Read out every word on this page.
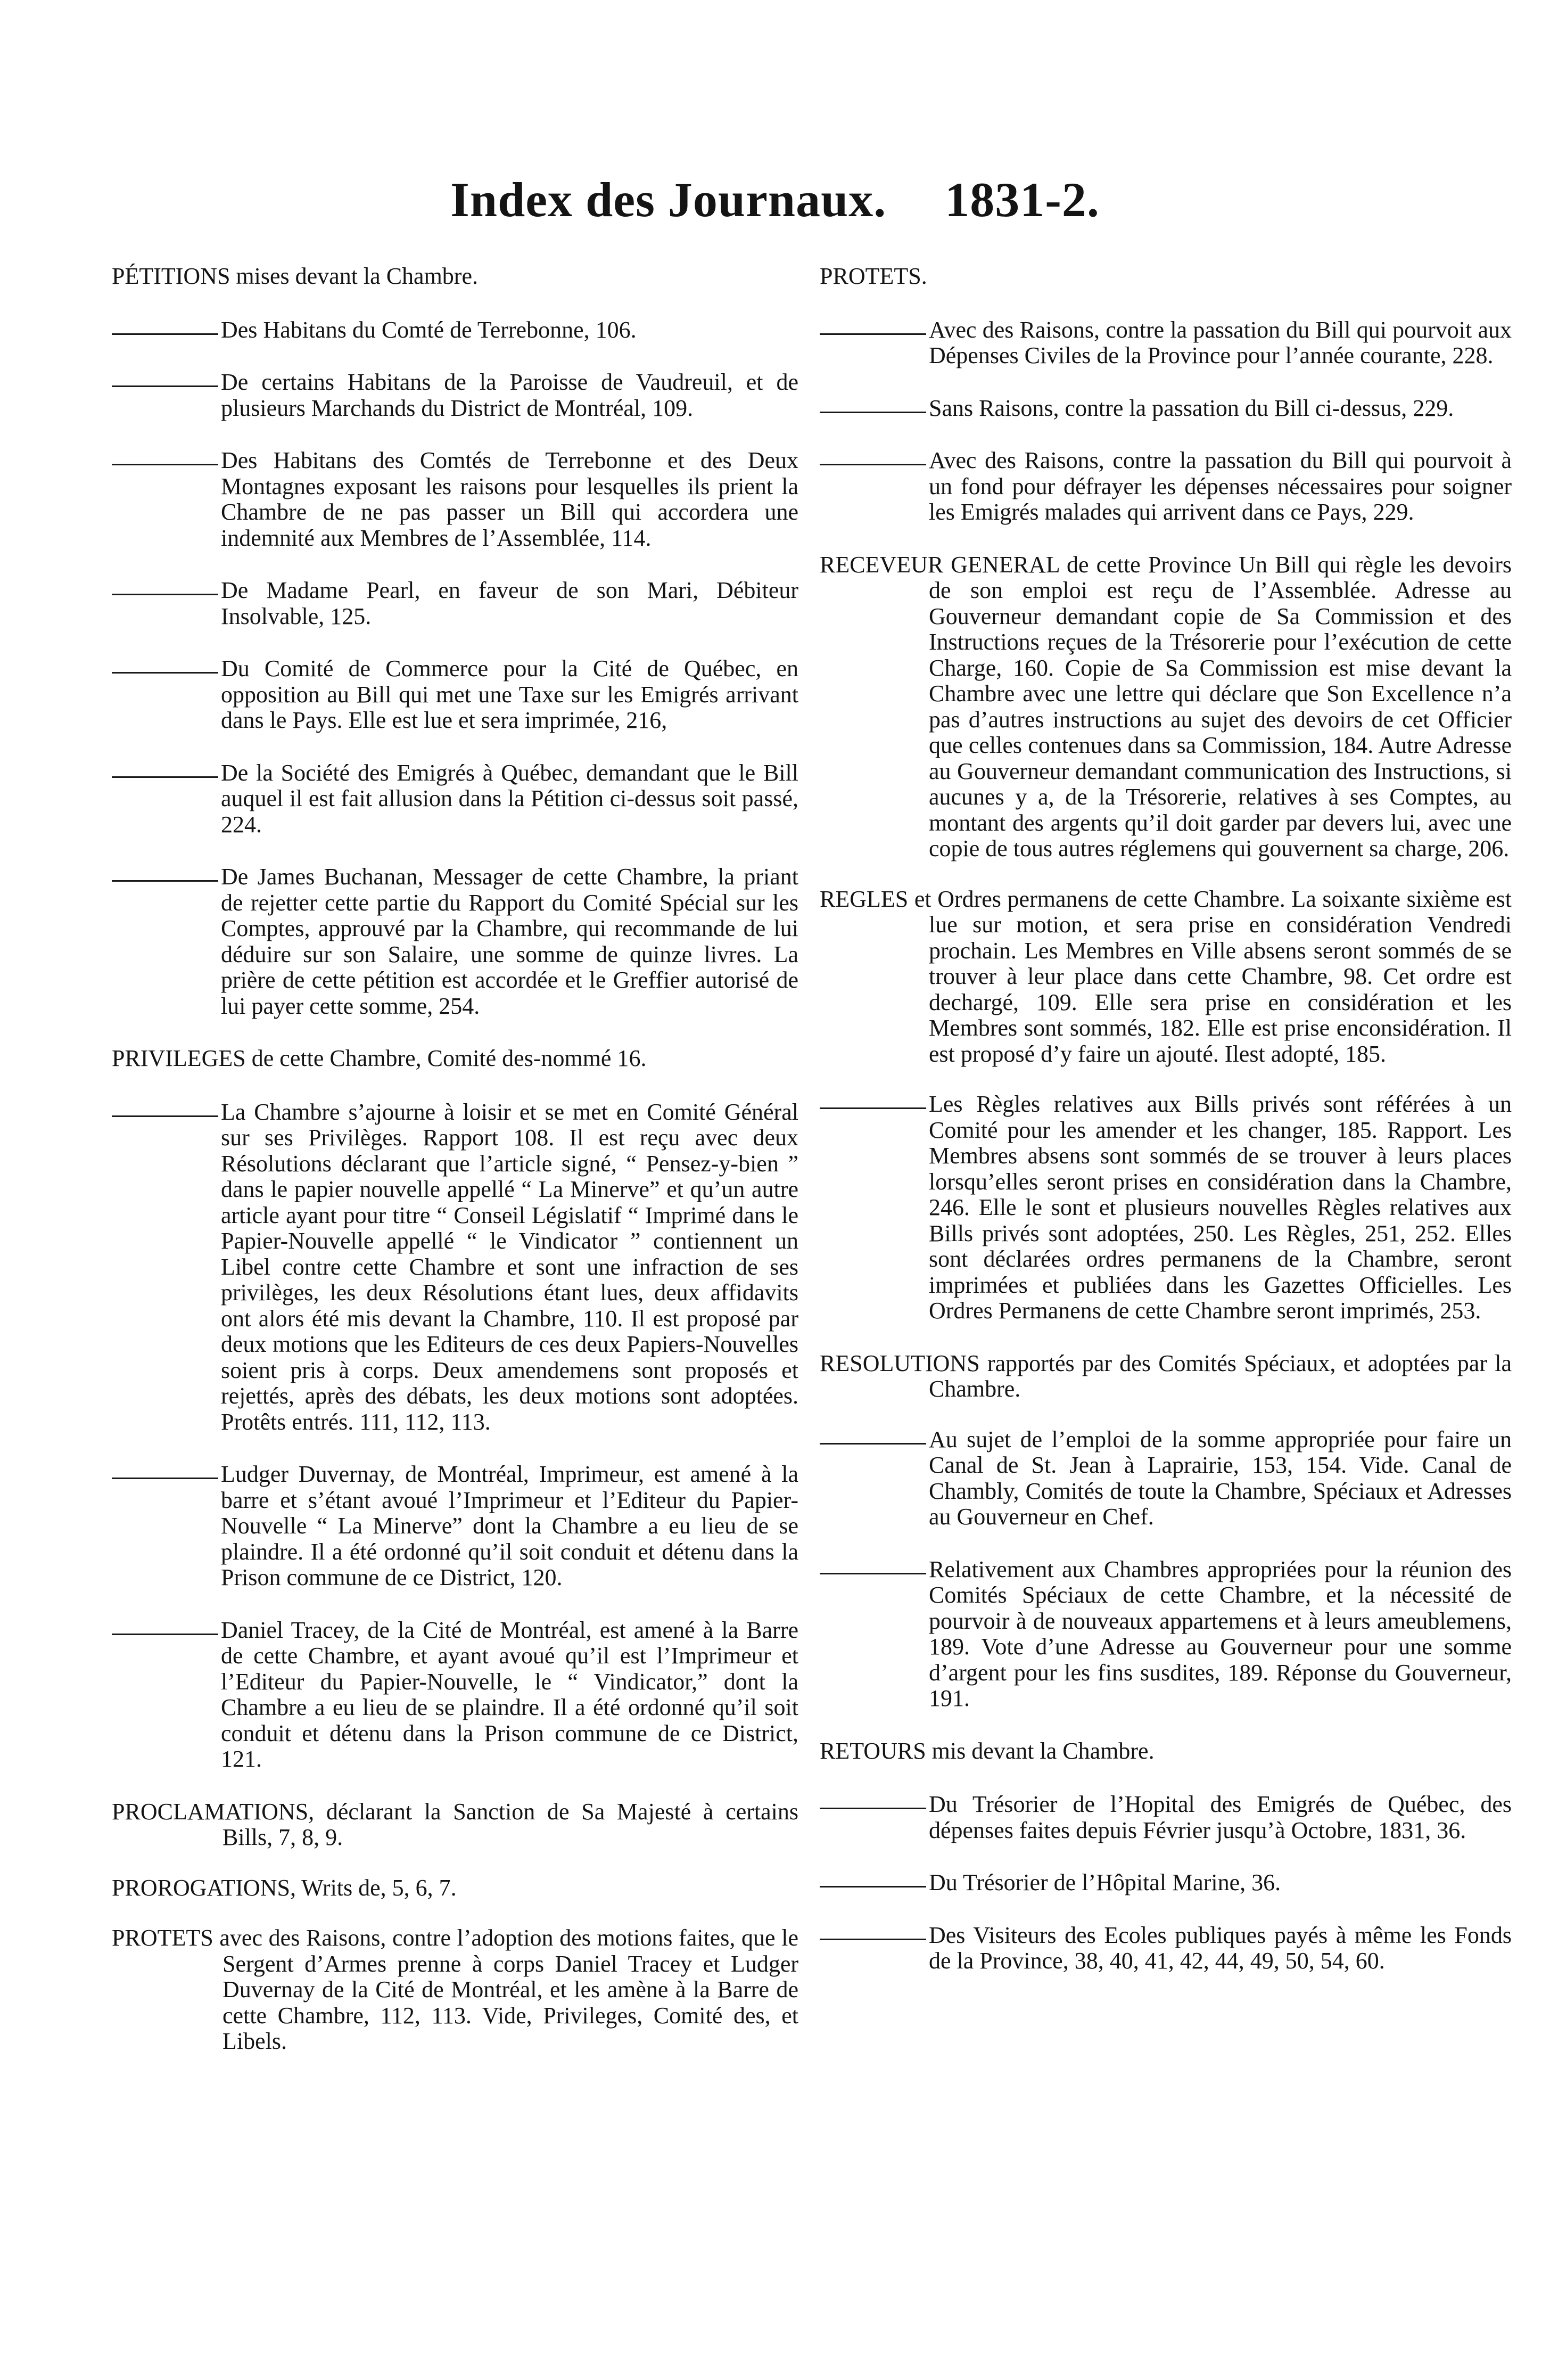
Index des Journaux. 1831-2.
PÉTITIONS mises devant la Chambre.
Des Habitans du Comté de Terrebonne, 106.
De certains Habitans de la Paroisse de Vaudreuil, et de plusieurs Marchands du District de Montréal, 109.
Des Habitans des Comtés de Terrebonne et des Deux Montagnes exposant les raisons pour lesquelles ils prient la Chambre de ne pas passer un Bill qui accordera une indemnité aux Membres de l’Assemblée, 114.
De Madame Pearl, en faveur de son Mari, Débiteur Insolvable, 125.
Du Comité de Commerce pour la Cité de Québec, en opposition au Bill qui met une Taxe sur les Emigrés arrivant dans le Pays. Elle est lue et sera imprimée, 216,
De la Société des Emigrés à Québec, demandant que le Bill auquel il est fait allusion dans la Pétition ci-dessus soit passé, 224.
De James Buchanan, Messager de cette Chambre, la priant de rejetter cette partie du Rapport du Comité Spécial sur les Comptes, approuvé par la Chambre, qui recommande de lui déduire sur son Salaire, une somme de quinze livres. La prière de cette pétition est accordée et le Greffier autorisé de lui payer cette somme, 254.
PRIVILEGES de cette Chambre, Comité des-nommé 16.
La Chambre s’ajourne à loisir et se met en Comité Général sur ses Privilèges. Rapport 108. Il est reçu avec deux Résolutions déclarant que l’article signé, “ Pensez-y-bien ” dans le papier nouvelle appellé “ La Minerve” et qu’un autre article ayant pour titre “ Conseil Législatif “ Imprimé dans le Papier-Nouvelle appellé “ le Vindicator ” contiennent un Libel contre cette Chambre et sont une infraction de ses privilèges, les deux Résolutions étant lues, deux affidavits ont alors été mis devant la Chambre, 110. Il est proposé par deux motions que les Editeurs de ces deux Papiers-Nouvelles soient pris à corps. Deux amendemens sont proposés et rejettés, après des débats, les deux motions sont adoptées. Protêts entrés. 111, 112, 113.
Ludger Duvernay, de Montréal, Imprimeur, est amené à la barre et s’étant avoué l’Imprimeur et l’Editeur du Papier-Nouvelle “ La Minerve” dont la Chambre a eu lieu de se plaindre. Il a été ordonné qu’il soit conduit et détenu dans la Prison commune de ce District, 120.
Daniel Tracey, de la Cité de Montréal, est amené à la Barre de cette Chambre, et ayant avoué qu’il est l’Imprimeur et l’Editeur du Papier-Nouvelle, le “ Vindicator,” dont la Chambre a eu lieu de se plaindre. Il a été ordonné qu’il soit conduit et détenu dans la Prison commune de ce District, 121.
PROCLAMATIONS, déclarant la Sanction de Sa Majesté à certains Bills, 7, 8, 9.
PROROGATIONS, Writs de, 5, 6, 7.
PROTETS avec des Raisons, contre l’adoption des motions faites, que le Sergent d’Armes prenne à corps Daniel Tracey et Ludger Duvernay de la Cité de Montréal, et les amène à la Barre de cette Chambre, 112, 113. Vide, Privileges, Comité des, et Libels.
PROTETS.
Avec des Raisons, contre la passation du Bill qui pourvoit aux Dépenses Civiles de la Province pour l’année courante, 228.
Sans Raisons, contre la passation du Bill ci-dessus, 229.
Avec des Raisons, contre la passation du Bill qui pourvoit à un fond pour défrayer les dépenses nécessaires pour soigner les Emigrés malades qui arrivent dans ce Pays, 229.
RECEVEUR GENERAL de cette Province Un Bill qui règle les devoirs de son emploi est reçu de l’Assemblée. Adresse au Gouverneur demandant copie de Sa Commission et des Instructions reçues de la Trésorerie pour l’exécution de cette Charge, 160. Copie de Sa Commission est mise devant la Chambre avec une lettre qui déclare que Son Excellence n’a pas d’autres instructions au sujet des devoirs de cet Officier que celles contenues dans sa Commission, 184. Autre Adresse au Gouverneur demandant communication des Instructions, si aucunes y a, de la Trésorerie, relatives à ses Comptes, au montant des argents qu’il doit garder par devers lui, avec une copie de tous autres réglemens qui gouvernent sa charge, 206.
REGLES et Ordres permanens de cette Chambre. La soixante sixième est lue sur motion, et sera prise en considération Vendredi prochain. Les Membres en Ville absens seront sommés de se trouver à leur place dans cette Chambre, 98. Cet ordre est dechargé, 109. Elle sera prise en considération et les Membres sont sommés, 182. Elle est prise enconsidération. Il est proposé d’y faire un ajouté. Ilest adopté, 185.
Les Règles relatives aux Bills privés sont référées à un Comité pour les amender et les changer, 185. Rapport. Les Membres absens sont sommés de se trouver à leurs places lorsqu’elles seront prises en considération dans la Chambre, 246. Elle le sont et plusieurs nouvelles Règles relatives aux Bills privés sont adoptées, 250. Les Règles, 251, 252. Elles sont déclarées ordres permanens de la Chambre, seront imprimées et publiées dans les Gazettes Officielles. Les Ordres Permanens de cette Chambre seront imprimés, 253.
RESOLUTIONS rapportés par des Comités Spéciaux, et adoptées par la Chambre.
Au sujet de l’emploi de la somme appropriée pour faire un Canal de St. Jean à Laprairie, 153, 154. Vide. Canal de Chambly, Comités de toute la Chambre, Spéciaux et Adresses au Gouverneur en Chef.
Relativement aux Chambres appropriées pour la réunion des Comités Spéciaux de cette Chambre, et la nécessité de pourvoir à de nouveaux appartemens et à leurs ameublemens, 189. Vote d’une Adresse au Gouverneur pour une somme d’argent pour les fins susdites, 189. Réponse du Gouverneur, 191.
RETOURS mis devant la Chambre.
Du Trésorier de l’Hopital des Emigrés de Québec, des dépenses faites depuis Février jusqu’à Octobre, 1831, 36.
Du Trésorier de l’Hôpital Marine, 36.
Des Visiteurs des Ecoles publiques payés à même les Fonds de la Province, 38, 40, 41, 42, 44, 49, 50, 54, 60.
